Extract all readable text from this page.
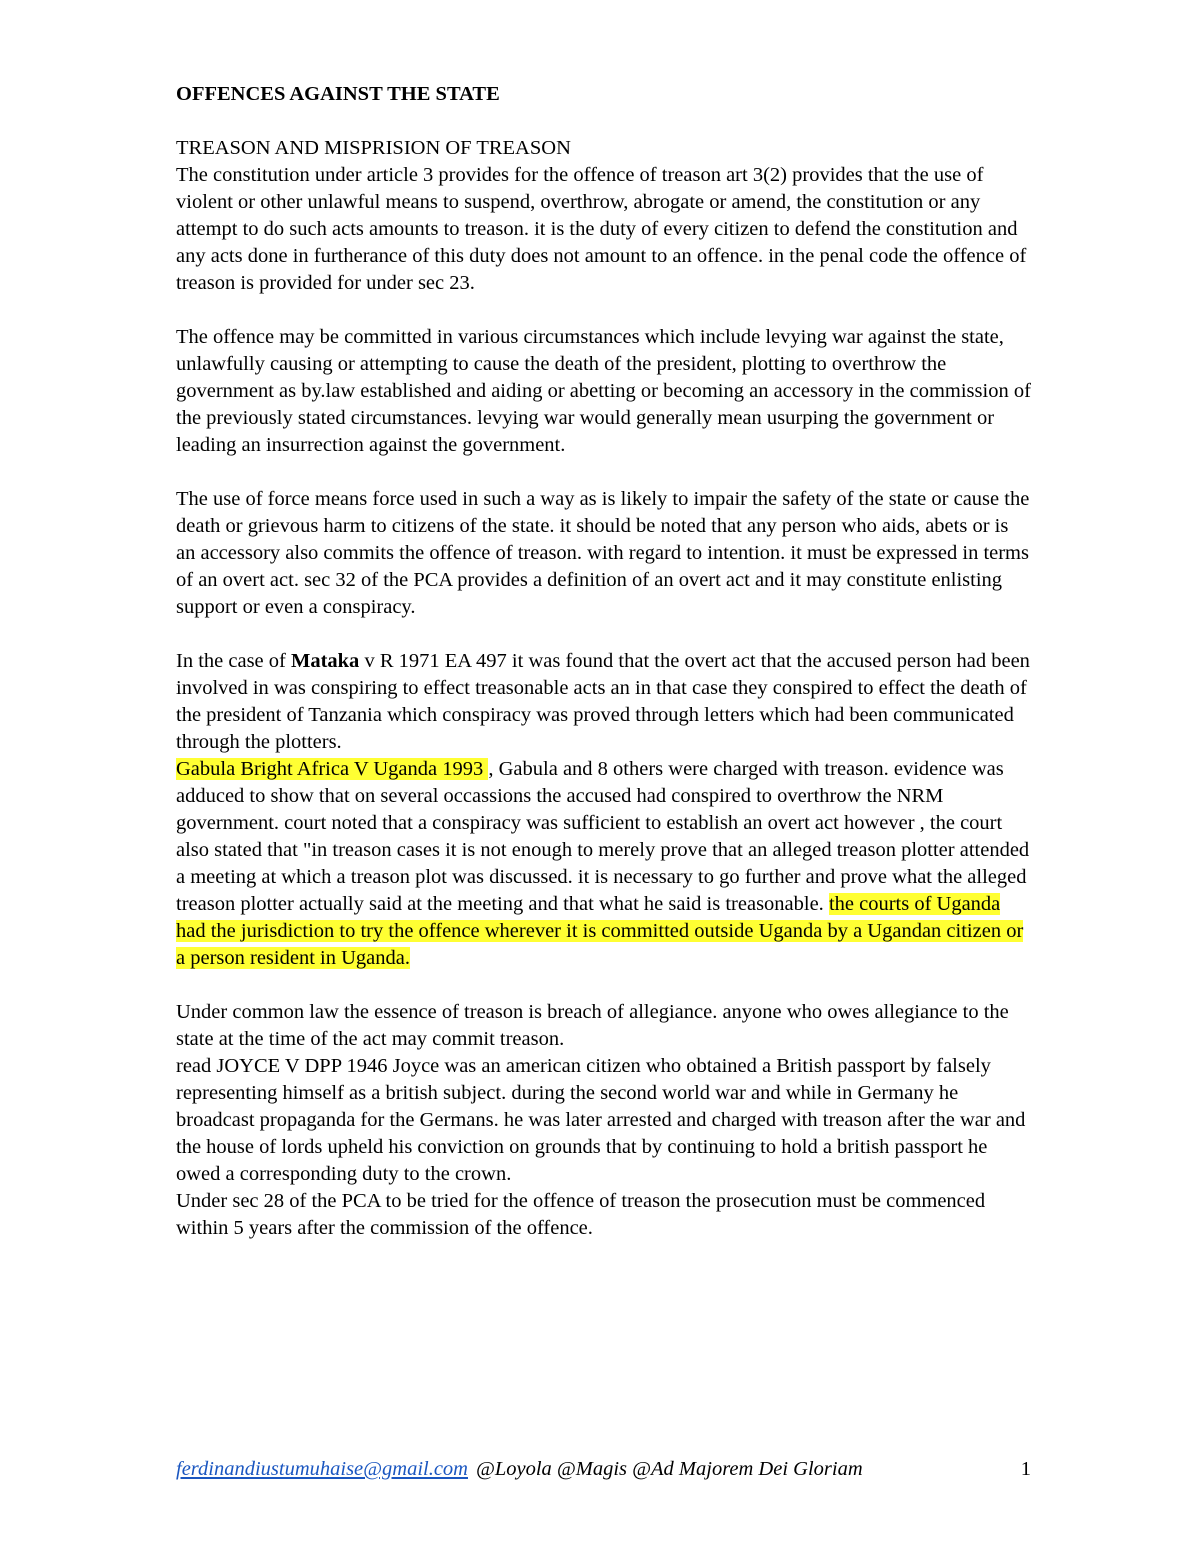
OFFENCES AGAINST THE STATE

TREASON AND MISPRISION OF TREASON

The constitution under article 3 provides for the offence of treason art 3(2) provides that the use of violent or other unlawful means to suspend, overthrow, abrogate or amend, the constitution or any attempt to do such acts amounts to treason. it is the duty of every citizen to defend the constitution and any acts done in furtherance of this duty does not amount to an offence. in the penal code the offence of treason is provided for under sec 23.

The offence may be committed in various circumstances which include levying war against the state, unlawfully causing or attempting to cause the death of the president, plotting to overthrow the government as by.law established and aiding or abetting or becoming an accessory in the commission of the previously stated circumstances. levying war would generally mean usurping the government or leading an insurrection against the government.

The use of force means force used in such a way as is likely to impair the safety of the state or cause the death or grievous harm to citizens of the state. it should be noted that any person who aids, abets or is an accessory also commits the offence of treason. with regard to intention. it must be expressed in terms of an overt act. sec 32 of the PCA provides a definition of an overt act and it may constitute enlisting support or even a conspiracy.

In the case of Mataka v R 1971 EA 497 it was found that the overt act that the accused person had been involved in was conspiring to effect treasonable acts an in that case they conspired to effect the death of the president of Tanzania which conspiracy was proved through letters which had been communicated through the plotters.

Gabula Bright Africa V Uganda 1993 , Gabula and 8 others were charged with treason. evidence was adduced to show that on several occassions the accused had conspired to overthrow the NRM government. court noted that a conspiracy was sufficient to establish an overt act however , the court also stated that "in treason cases it is not enough to merely prove that an alleged treason plotter attended a meeting at which a treason plot was discussed. it is necessary to go further and prove what the alleged treason plotter actually said at the meeting and that what he said is treasonable. the courts of Uganda had the jurisdiction to try the offence wherever it is committed outside Uganda by a Ugandan citizen or a person resident in Uganda.

Under common law the essence of treason is breach of allegiance. anyone who owes allegiance to the state at the time of the act may commit treason.

read JOYCE V DPP 1946 Joyce was an american citizen who obtained a British passport by falsely representing himself as a british subject. during the second world war and while in Germany he broadcast propaganda for the Germans. he was later arrested and charged with treason after the war and the house of lords upheld his conviction on grounds that by continuing to hold a british passport he owed a corresponding duty to the crown.

Under sec 28 of the PCA to be tried for the offence of treason the prosecution must be commenced within 5 years after the commission of the offence.

ferdinandiustumuhaise@gmail.com @Loyola @Magis @Ad Majorem Dei Gloriam	1
